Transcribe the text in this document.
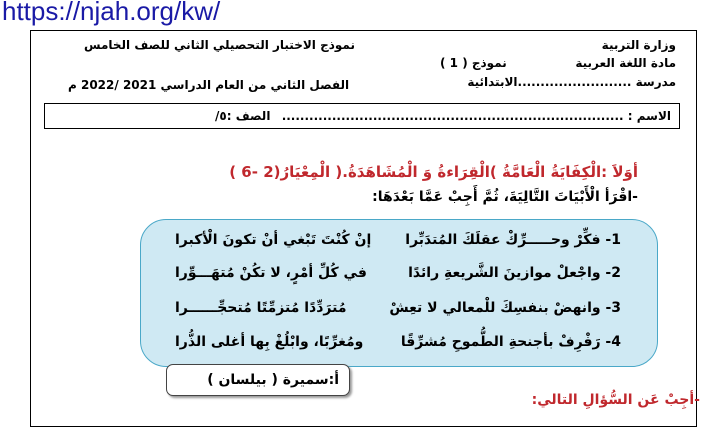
https://njah.org/kw/
وزارة التربية
مادة اللغة العربية
مدرسة .........................الابتدائية
نموذج ( 1 )
نموذج الاختبار التحصيلي الثاني للصف الخامس
الفصل الثاني من العام الدراسي 2021 /2022 م
الاسم : ...........................................................................
الصف :٥/
أوَلاَ :الْكِفَايَةُ الْعَامَّةُ )الْقِرَاءةُ وَ الْمُشَاهَدَةُ.( الْمِعْيَارُ(2 -6 )
-اقْرَأ الْأَبْيَاتَ التَّالِيَةَ، ثُمَّ أَجِبْ عَمَّا بَعْدَهَا:
1- فكِّرْ وحـــــرِّكْ عقلَكَ المُتدَبِّرا
إنْ كُنْتَ تَبْغي أنْ تكونَ الْأكبرا
2- واجْعلْ موازينَ الشَّريعةِ رائدًا
في كُلِّ أمْرٍ، لا تكُنْ مُتهَـــوِّرا
3- وانهضْ بنفسِكَ للْمعالي لا تعِشْ
مُترَدِّدًا مُتزمِّتًا مُتحجِّــــــرا
4- رَفْرِفْ بأجنحةِ الطُّموحِ مُشرِّقًا
ومُغرِّبًا، وابْلُغْ بِها أغلى الذُّرا
أ:سميرة ( بيلسان )
-أجِبْ عَن السُّؤالِ التالي:
